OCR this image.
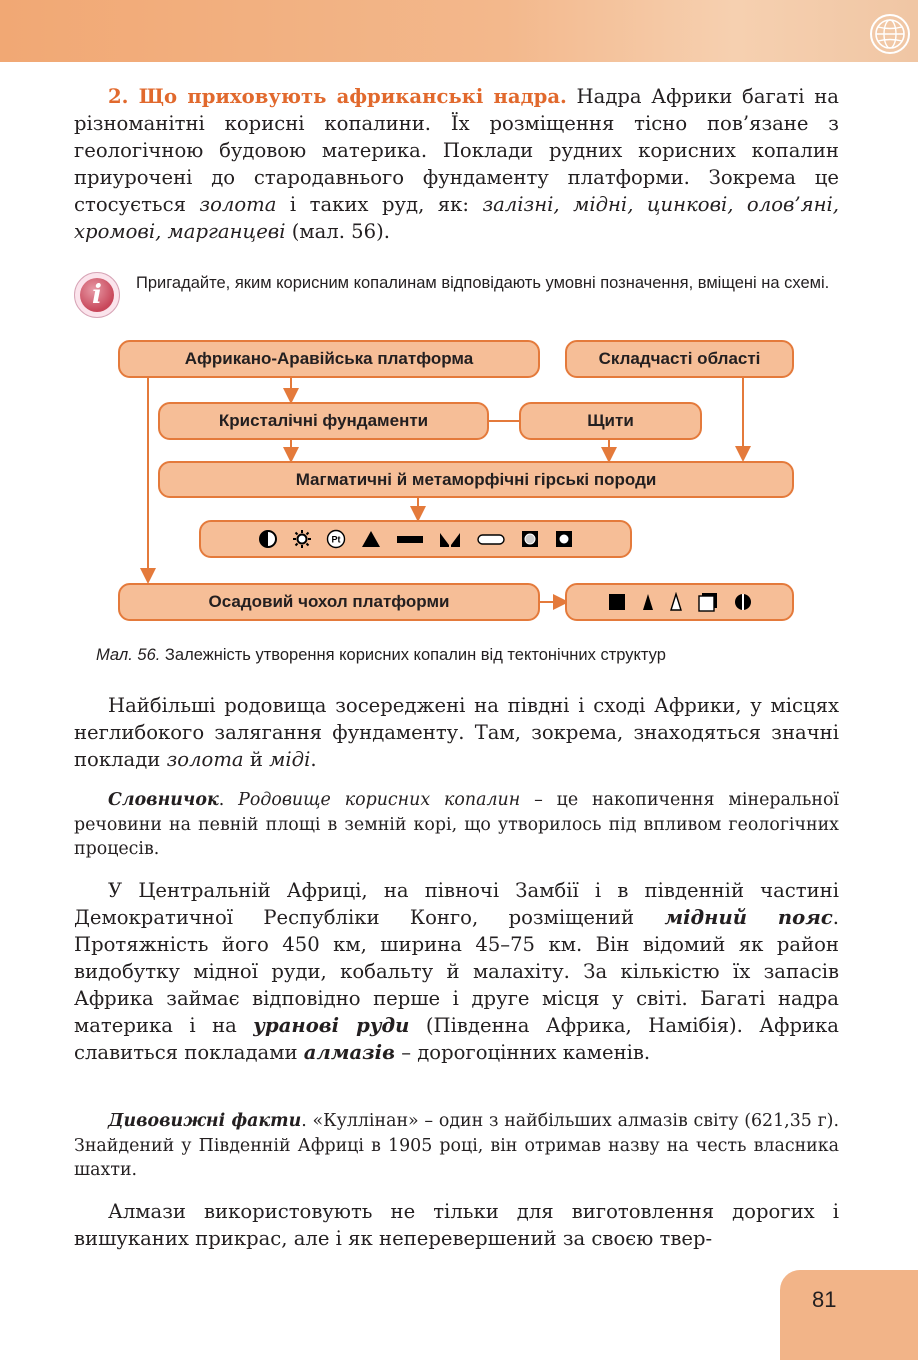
2. Що приховують африканські надра. Надра Африки багаті на різноманітні корисні копалини. Їх розміщення тісно пов’язане з геологічною будовою материка. Поклади рудних корисних копалин приурочені до стародавнього фундаменту платформи. Зокрема це стосується золота і таких руд, як: залізні, мідні, цинкові, олов’яні, хромові, марганцеві (мал. 56).

i	Пригадайте, яким корисним копалинам відповідають умовні позначення, вміщені на схемі.

Африкано-Аравійська платформа	Складчасті області
Кристалічні фундаменти	Щити
Магматичні й метаморфічні гірські породи
Pt
Осадовий чохол платформи

Мал. 56. Залежність утворення корисних копалин від тектонічних структур

Найбільші родовища зосереджені на півдні і сході Африки, у місцях неглибокого залягання фундаменту. Там, зокрема, знаходяться значні поклади золота й міді.

Словничок. Родовище корисних копалин – це накопичення мінеральної речовини на певній площі в земній корі, що утворилось під впливом геологічних процесів.

У Центральній Африці, на півночі Замбії і в південній частині Демократичної Республіки Конго, розміщений мідний пояс. Протяжність його 450 км, ширина 45–75 км. Він відомий як район видобутку мідної руди, кобальту й малахіту. За кількістю їх запасів Африка займає відповідно перше і друге місця у світі. Багаті надра материка і на уранові руди (Південна Африка, Намібія). Африка славиться покладами алмазів – дорогоцінних каменів.

Дивовижні факти. «Куллінан» – один з найбільших алмазів світу (621,35 г). Знайдений у Південній Африці в 1905 році, він отримав назву на честь власника шахти.

Алмази використовують не тільки для виготовлення дорогих і вишуканих прикрас, але і як неперевершений за своєю твер-

81
